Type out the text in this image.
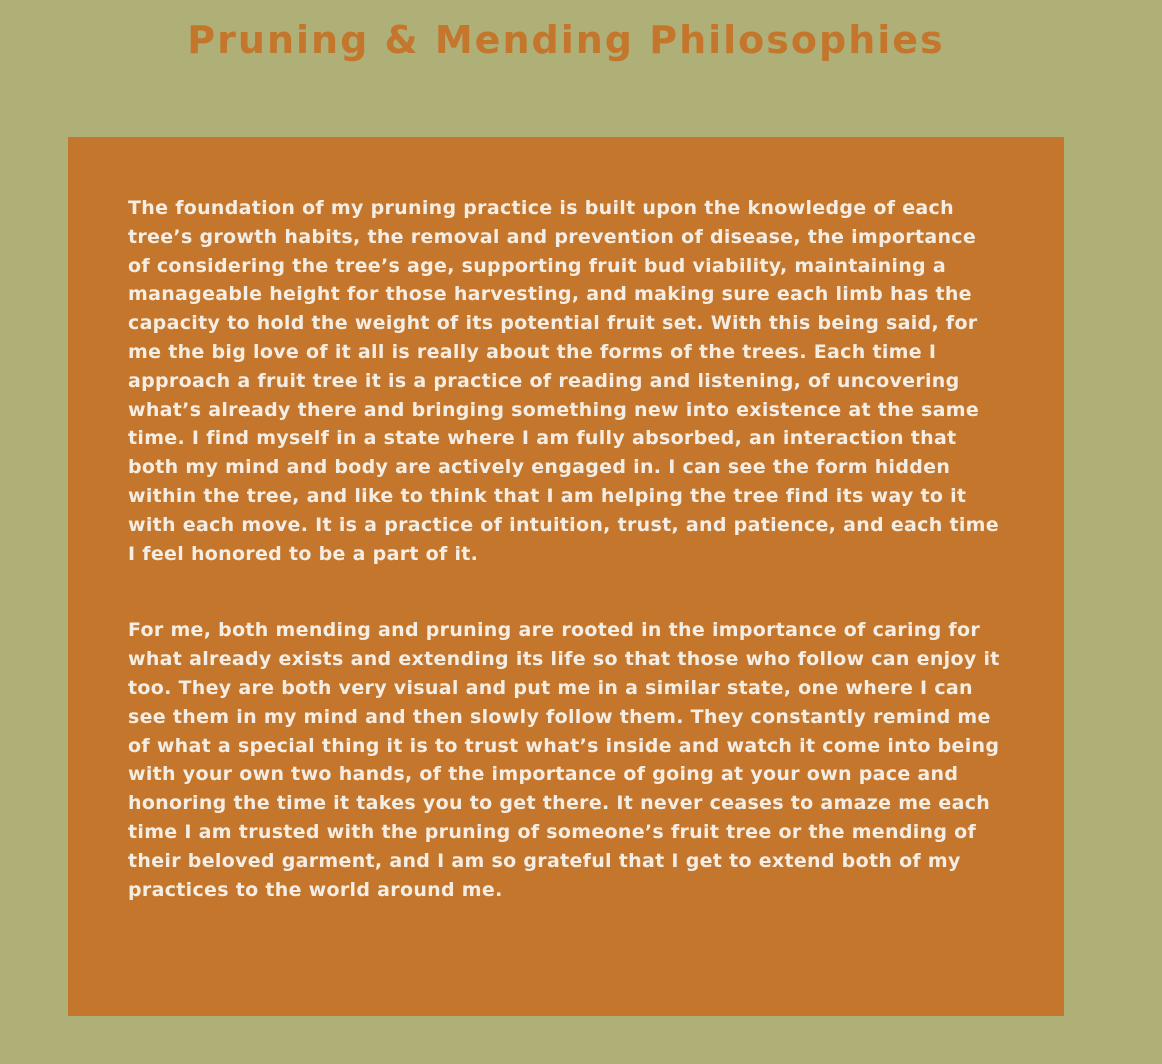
Pruning & Mending Philosophies

The foundation of my pruning practice is built upon the knowledge of each tree’s growth habits, the removal and prevention of disease, the importance of considering the tree’s age, supporting fruit bud viability, maintaining a manageable height for those harvesting, and making sure each limb has the capacity to hold the weight of its potential fruit set. With this being said, for me the big love of it all is really about the forms of the trees. Each time I approach a fruit tree it is a practice of reading and listening, of uncovering what’s already there and bringing something new into existence at the same time. I find myself in a state where I am fully absorbed, an interaction that both my mind and body are actively engaged in. I can see the form hidden within the tree, and like to think that I am helping the tree find its way to it with each move. It is a practice of intuition, trust, and patience, and each time I feel honored to be a part of it.

For me, both mending and pruning are rooted in the importance of caring for what already exists and extending its life so that those who follow can enjoy it too. They are both very visual and put me in a similar state, one where I can see them in my mind and then slowly follow them. They constantly remind me of what a special thing it is to trust what’s inside and watch it come into being with your own two hands, of the importance of going at your own pace and honoring the time it takes you to get there. It never ceases to amaze me each time I am trusted with the pruning of someone’s fruit tree or the mending of their beloved garment, and I am so grateful that I get to extend both of my practices to the world around me.
